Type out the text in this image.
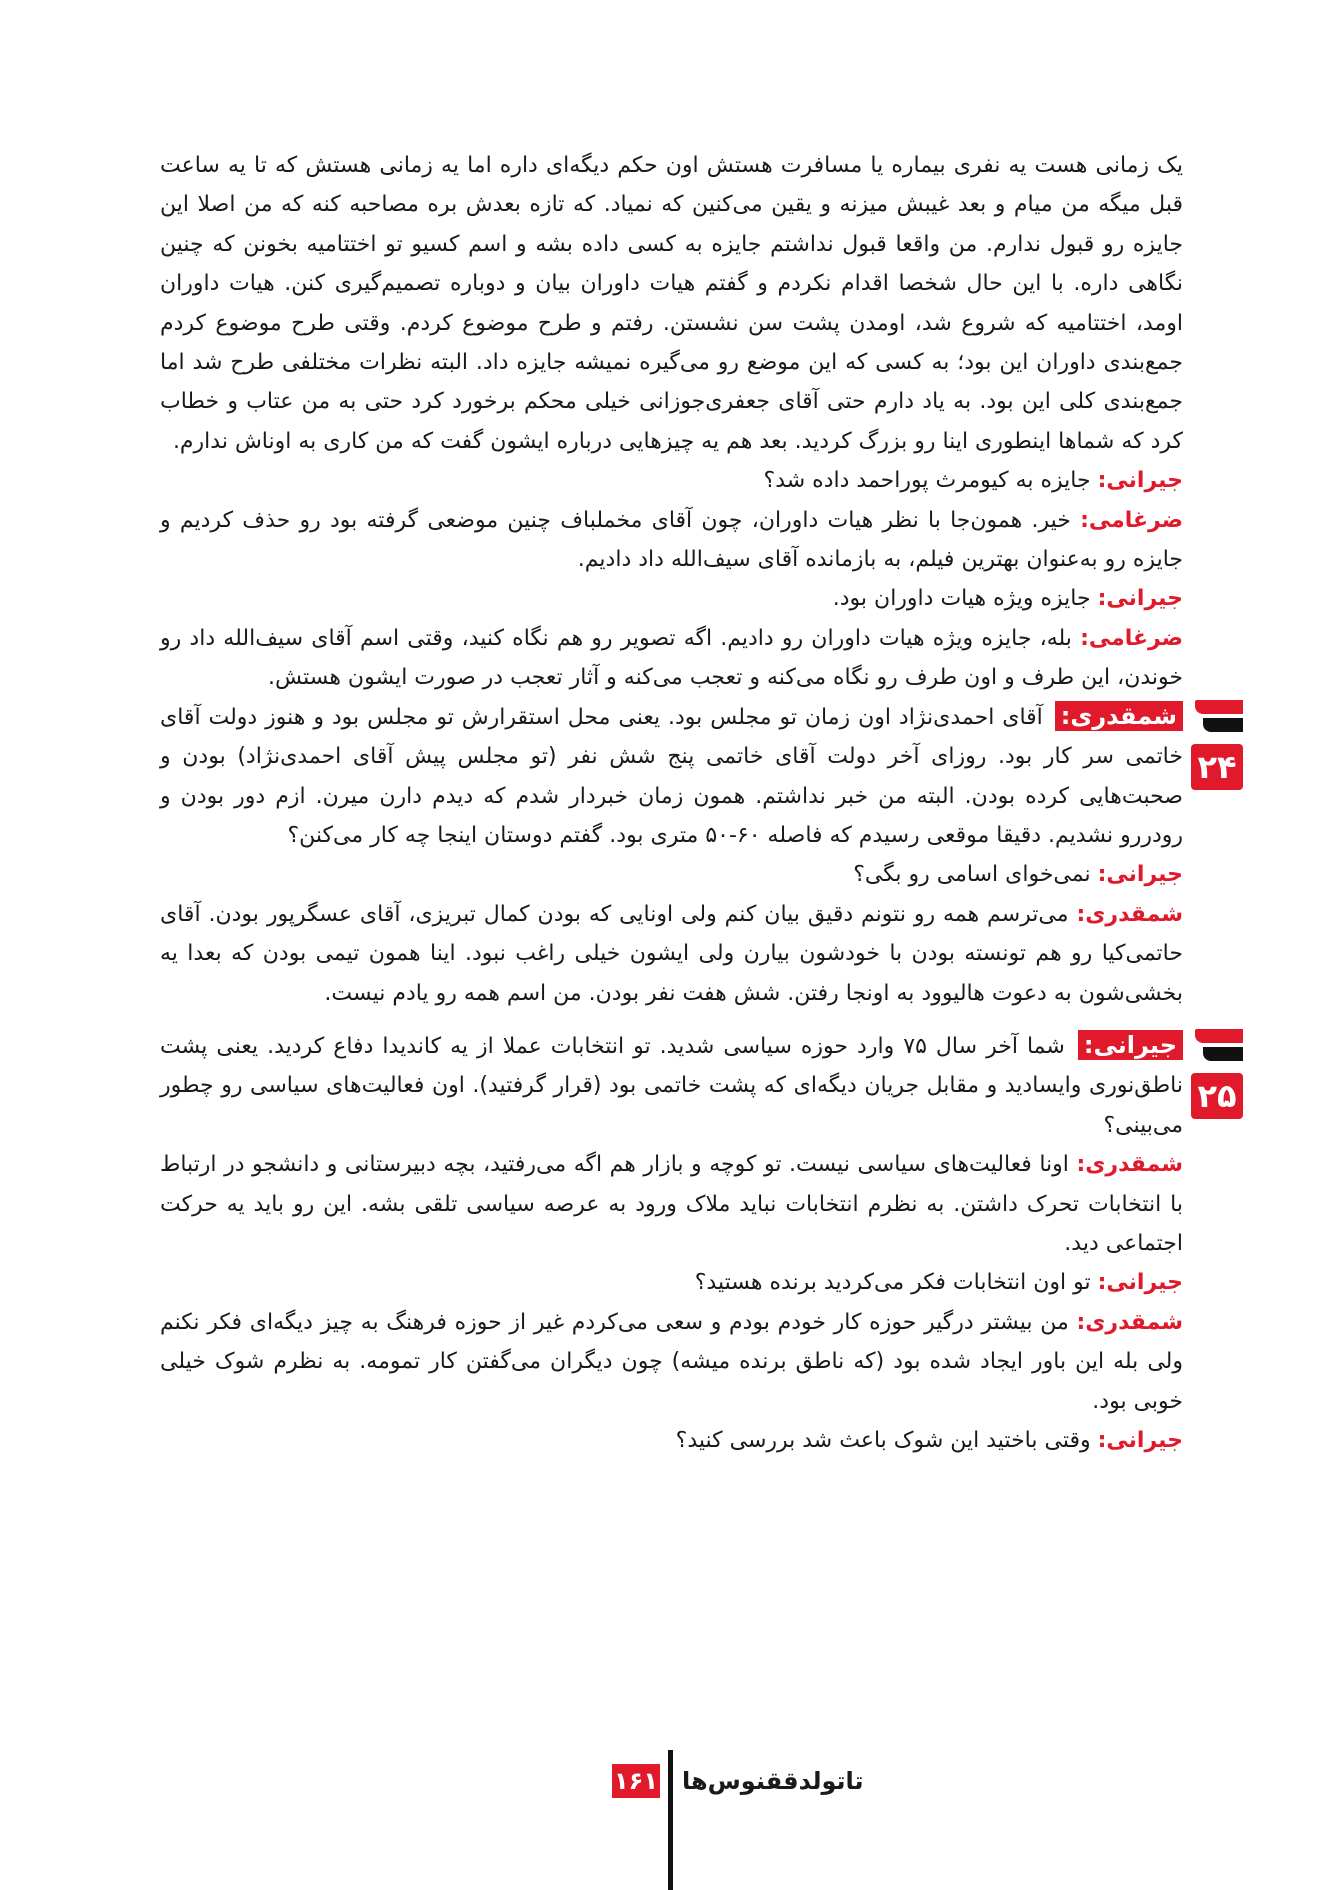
یک زمانی هست یه نفری بیماره یا مسافرت هستش اون حکم دیگه‌ای داره اما یه زمانی هستش که تا یه ساعت قبل میگه من میام و بعد غیبش میزنه و یقین می‌کنین که نمیاد. که تازه بعدش بره مصاحبه کنه که من اصلا این جایزه رو قبول ندارم. من واقعا قبول نداشتم جایزه به کسی داده بشه و اسم کسیو تو اختتامیه بخونن که چنین نگاهی داره. با این حال شخصا اقدام نکردم و گفتم هیات داوران بیان و دوباره تصمیم‌گیری کنن. هیات داوران اومد، اختتامیه که شروع شد، اومدن پشت سن نشستن. رفتم و طرح موضوع کردم. وقتی طرح موضوع کردم جمع‌بندی داوران این بود؛ به کسی که این موضع رو می‌گیره نمیشه جایزه داد. البته نظرات مختلفی طرح شد اما جمع‌بندی کلی این بود. به یاد دارم حتی آقای جعفری‌جوزانی خیلی محکم برخورد کرد حتی به من عتاب و خطاب کرد که شماها اینطوری اینا رو بزرگ کردید. بعد هم یه چیزهایی درباره ایشون گفت که من کاری به اوناش ندارم.

جیرانی: جایزه به کیومرث پوراحمد داده شد؟

ضرغامی: خیر. همون‌جا با نظر هیات داوران، چون آقای مخملباف چنین موضعی گرفته بود رو حذف کردیم و جایزه رو به‌عنوان بهترین فیلم، به بازمانده آقای سیف‌الله داد دادیم.

جیرانی: جایزه ویژه هیات داوران بود.

ضرغامی: بله، جایزه ویژه هیات داوران رو دادیم. اگه تصویر رو هم نگاه کنید، وقتی اسم آقای سیف‌الله داد رو خوندن، این طرف و اون طرف رو نگاه می‌کنه و تعجب می‌کنه و آثار تعجب در صورت ایشون هستش.

شمقدری: آقای احمدی‌نژاد اون زمان تو مجلس بود. یعنی محل استقرارش تو مجلس بود و هنوز دولت آقای خاتمی سر کار بود. روزای آخر دولت آقای خاتمی پنج شش نفر (تو مجلس پیش آقای احمدی‌نژاد) بودن و صحبت‌هایی کرده بودن. البته من خبر نداشتم. همون زمان خبردار شدم که دیدم دارن میرن. ازم دور بودن و رودررو نشدیم. دقیقا موقعی رسیدم که فاصله ۶۰-۵۰ متری بود. گفتم دوستان اینجا چه کار می‌کنن؟

جیرانی: نمی‌خوای اسامی رو بگی؟

شمقدری: می‌ترسم همه رو نتونم دقیق بیان کنم ولی اونایی که بودن کمال تبریزی، آقای عسگرپور بودن. آقای حاتمی‌کیا رو هم تونسته بودن با خودشون بیارن ولی ایشون خیلی راغب نبود. اینا همون تیمی بودن که بعدا یه بخشی‌شون به دعوت هالیوود به اونجا رفتن. شش هفت نفر بودن. من اسم همه رو یادم نیست.

جیرانی: شما آخر سال ۷۵ وارد حوزه سیاسی شدید. تو انتخابات عملا از یه کاندیدا دفاع کردید. یعنی پشت ناطق‌نوری وایسادید و مقابل جریان دیگه‌ای که پشت خاتمی بود (قرار گرفتید). اون فعالیت‌های سیاسی رو چطور می‌بینی؟

شمقدری: اونا فعالیت‌های سیاسی نیست. تو کوچه و بازار هم اگه می‌رفتید، بچه دبیرستانی و دانشجو در ارتباط با انتخابات تحرک داشتن. به نظرم انتخابات نباید ملاک ورود به عرصه سیاسی تلقی بشه. این رو باید یه حرکت اجتماعی دید.

جیرانی: تو اون انتخابات فکر می‌کردید برنده هستید؟

شمقدری: من بیشتر درگیر حوزه کار خودم بودم و سعی می‌کردم غیر از حوزه فرهنگ به چیز دیگه‌ای فکر نکنم ولی بله این باور ایجاد شده بود (که ناطق برنده میشه) چون دیگران می‌گفتن کار تمومه. به نظرم شوک خیلی خوبی بود.

جیرانی: وقتی باختید این شوک باعث شد بررسی کنید؟

۲۴
۲۵
۱۶۱ تاتولدققنوس‌ها
